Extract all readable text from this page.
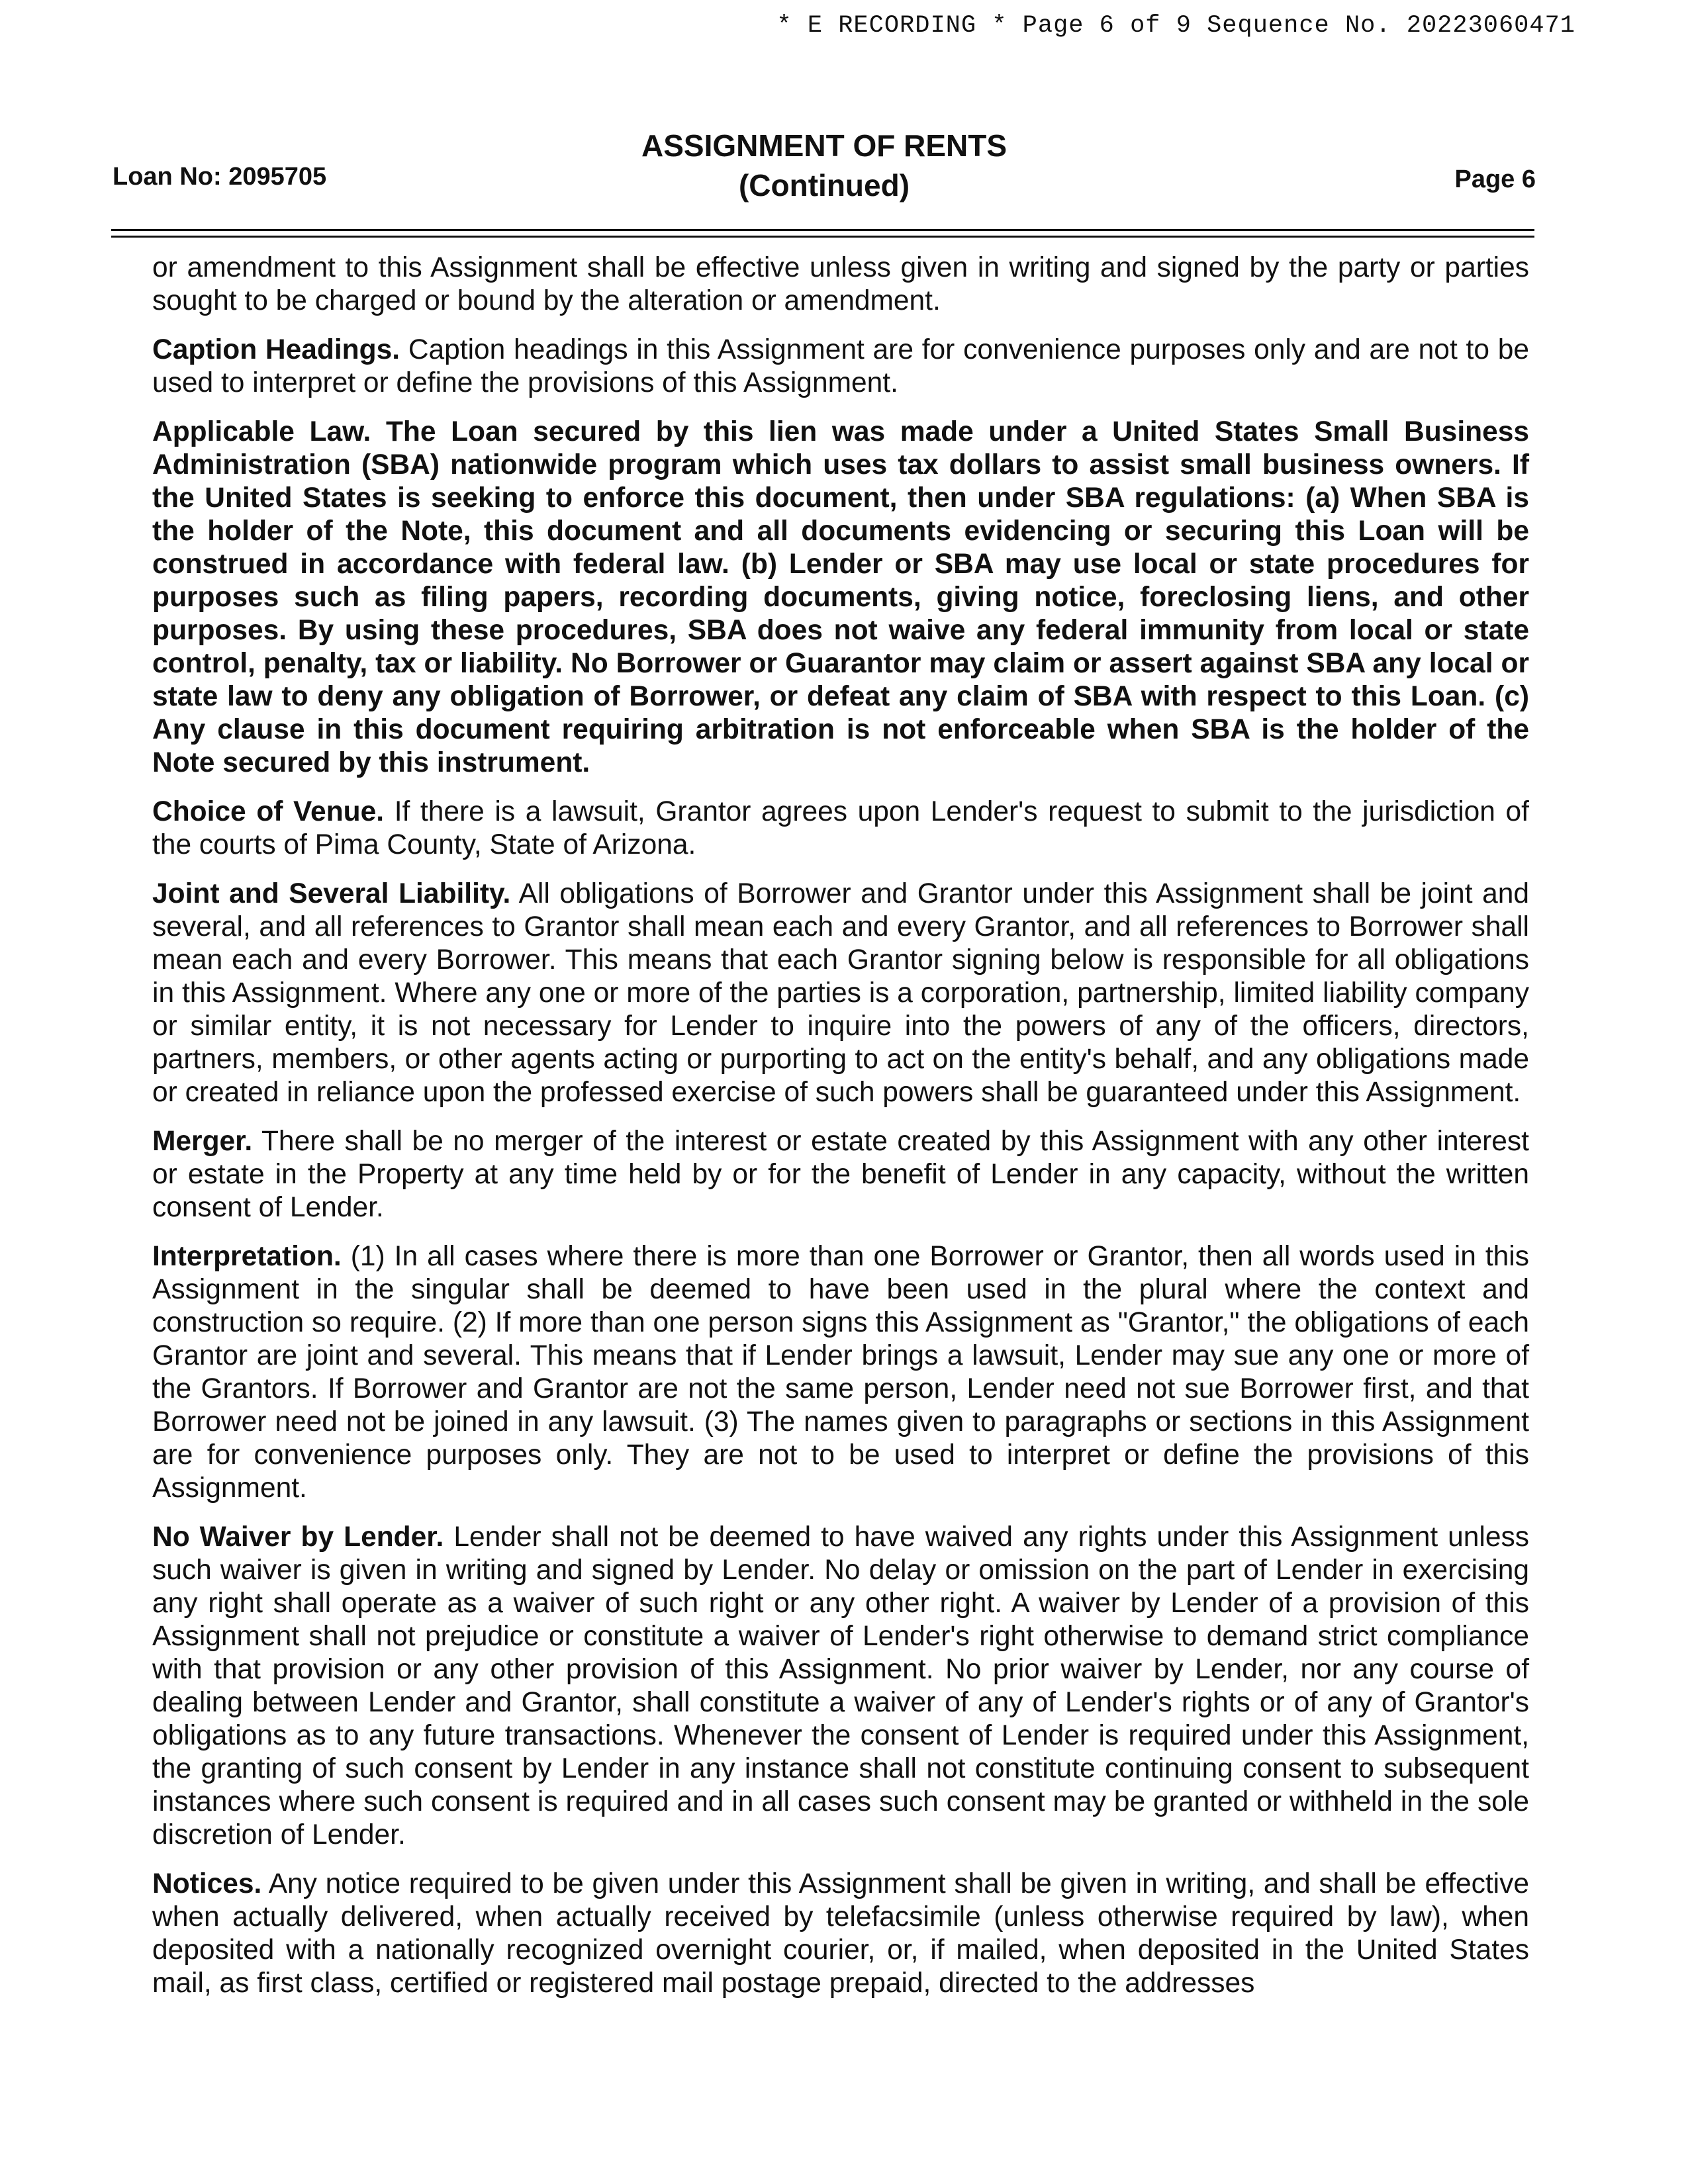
* E RECORDING * Page 6 of 9 Sequence No. 20223060471
Loan No: 2095705
ASSIGNMENT OF RENTS
(Continued)	Page 6

or amendment to this Assignment shall be effective unless given in writing and signed by the party or parties sought to be charged or bound by the alteration or amendment.

Caption Headings. Caption headings in this Assignment are for convenience purposes only and are not to be used to interpret or define the provisions of this Assignment.

Applicable Law. The Loan secured by this lien was made under a United States Small Business Administration (SBA) nationwide program which uses tax dollars to assist small business owners. If the United States is seeking to enforce this document, then under SBA regulations: (a) When SBA is the holder of the Note, this document and all documents evidencing or securing this Loan will be construed in accordance with federal law. (b) Lender or SBA may use local or state procedures for purposes such as filing papers, recording documents, giving notice, foreclosing liens, and other purposes. By using these procedures, SBA does not waive any federal immunity from local or state control, penalty, tax or liability. No Borrower or Guarantor may claim or assert against SBA any local or state law to deny any obligation of Borrower, or defeat any claim of SBA with respect to this Loan. (c) Any clause in this document requiring arbitration is not enforceable when SBA is the holder of the Note secured by this instrument.

Choice of Venue. If there is a lawsuit, Grantor agrees upon Lender's request to submit to the jurisdiction of the courts of Pima County, State of Arizona.

Joint and Several Liability. All obligations of Borrower and Grantor under this Assignment shall be joint and several, and all references to Grantor shall mean each and every Grantor, and all references to Borrower shall mean each and every Borrower. This means that each Grantor signing below is responsible for all obligations in this Assignment. Where any one or more of the parties is a corporation, partnership, limited liability company or similar entity, it is not necessary for Lender to inquire into the powers of any of the officers, directors, partners, members, or other agents acting or purporting to act on the entity's behalf, and any obligations made or created in reliance upon the professed exercise of such powers shall be guaranteed under this Assignment.

Merger. There shall be no merger of the interest or estate created by this Assignment with any other interest or estate in the Property at any time held by or for the benefit of Lender in any capacity, without the written consent of Lender.

Interpretation. (1) In all cases where there is more than one Borrower or Grantor, then all words used in this Assignment in the singular shall be deemed to have been used in the plural where the context and construction so require. (2) If more than one person signs this Assignment as "Grantor," the obligations of each Grantor are joint and several. This means that if Lender brings a lawsuit, Lender may sue any one or more of the Grantors. If Borrower and Grantor are not the same person, Lender need not sue Borrower first, and that Borrower need not be joined in any lawsuit. (3) The names given to paragraphs or sections in this Assignment are for convenience purposes only. They are not to be used to interpret or define the provisions of this Assignment.

No Waiver by Lender. Lender shall not be deemed to have waived any rights under this Assignment unless such waiver is given in writing and signed by Lender. No delay or omission on the part of Lender in exercising any right shall operate as a waiver of such right or any other right. A waiver by Lender of a provision of this Assignment shall not prejudice or constitute a waiver of Lender's right otherwise to demand strict compliance with that provision or any other provision of this Assignment. No prior waiver by Lender, nor any course of dealing between Lender and Grantor, shall constitute a waiver of any of Lender's rights or of any of Grantor's obligations as to any future transactions. Whenever the consent of Lender is required under this Assignment, the granting of such consent by Lender in any instance shall not constitute continuing consent to subsequent instances where such consent is required and in all cases such consent may be granted or withheld in the sole discretion of Lender.

Notices. Any notice required to be given under this Assignment shall be given in writing, and shall be effective when actually delivered, when actually received by telefacsimile (unless otherwise required by law), when deposited with a nationally recognized overnight courier, or, if mailed, when deposited in the United States mail, as first class, certified or registered mail postage prepaid, directed to the addresses
